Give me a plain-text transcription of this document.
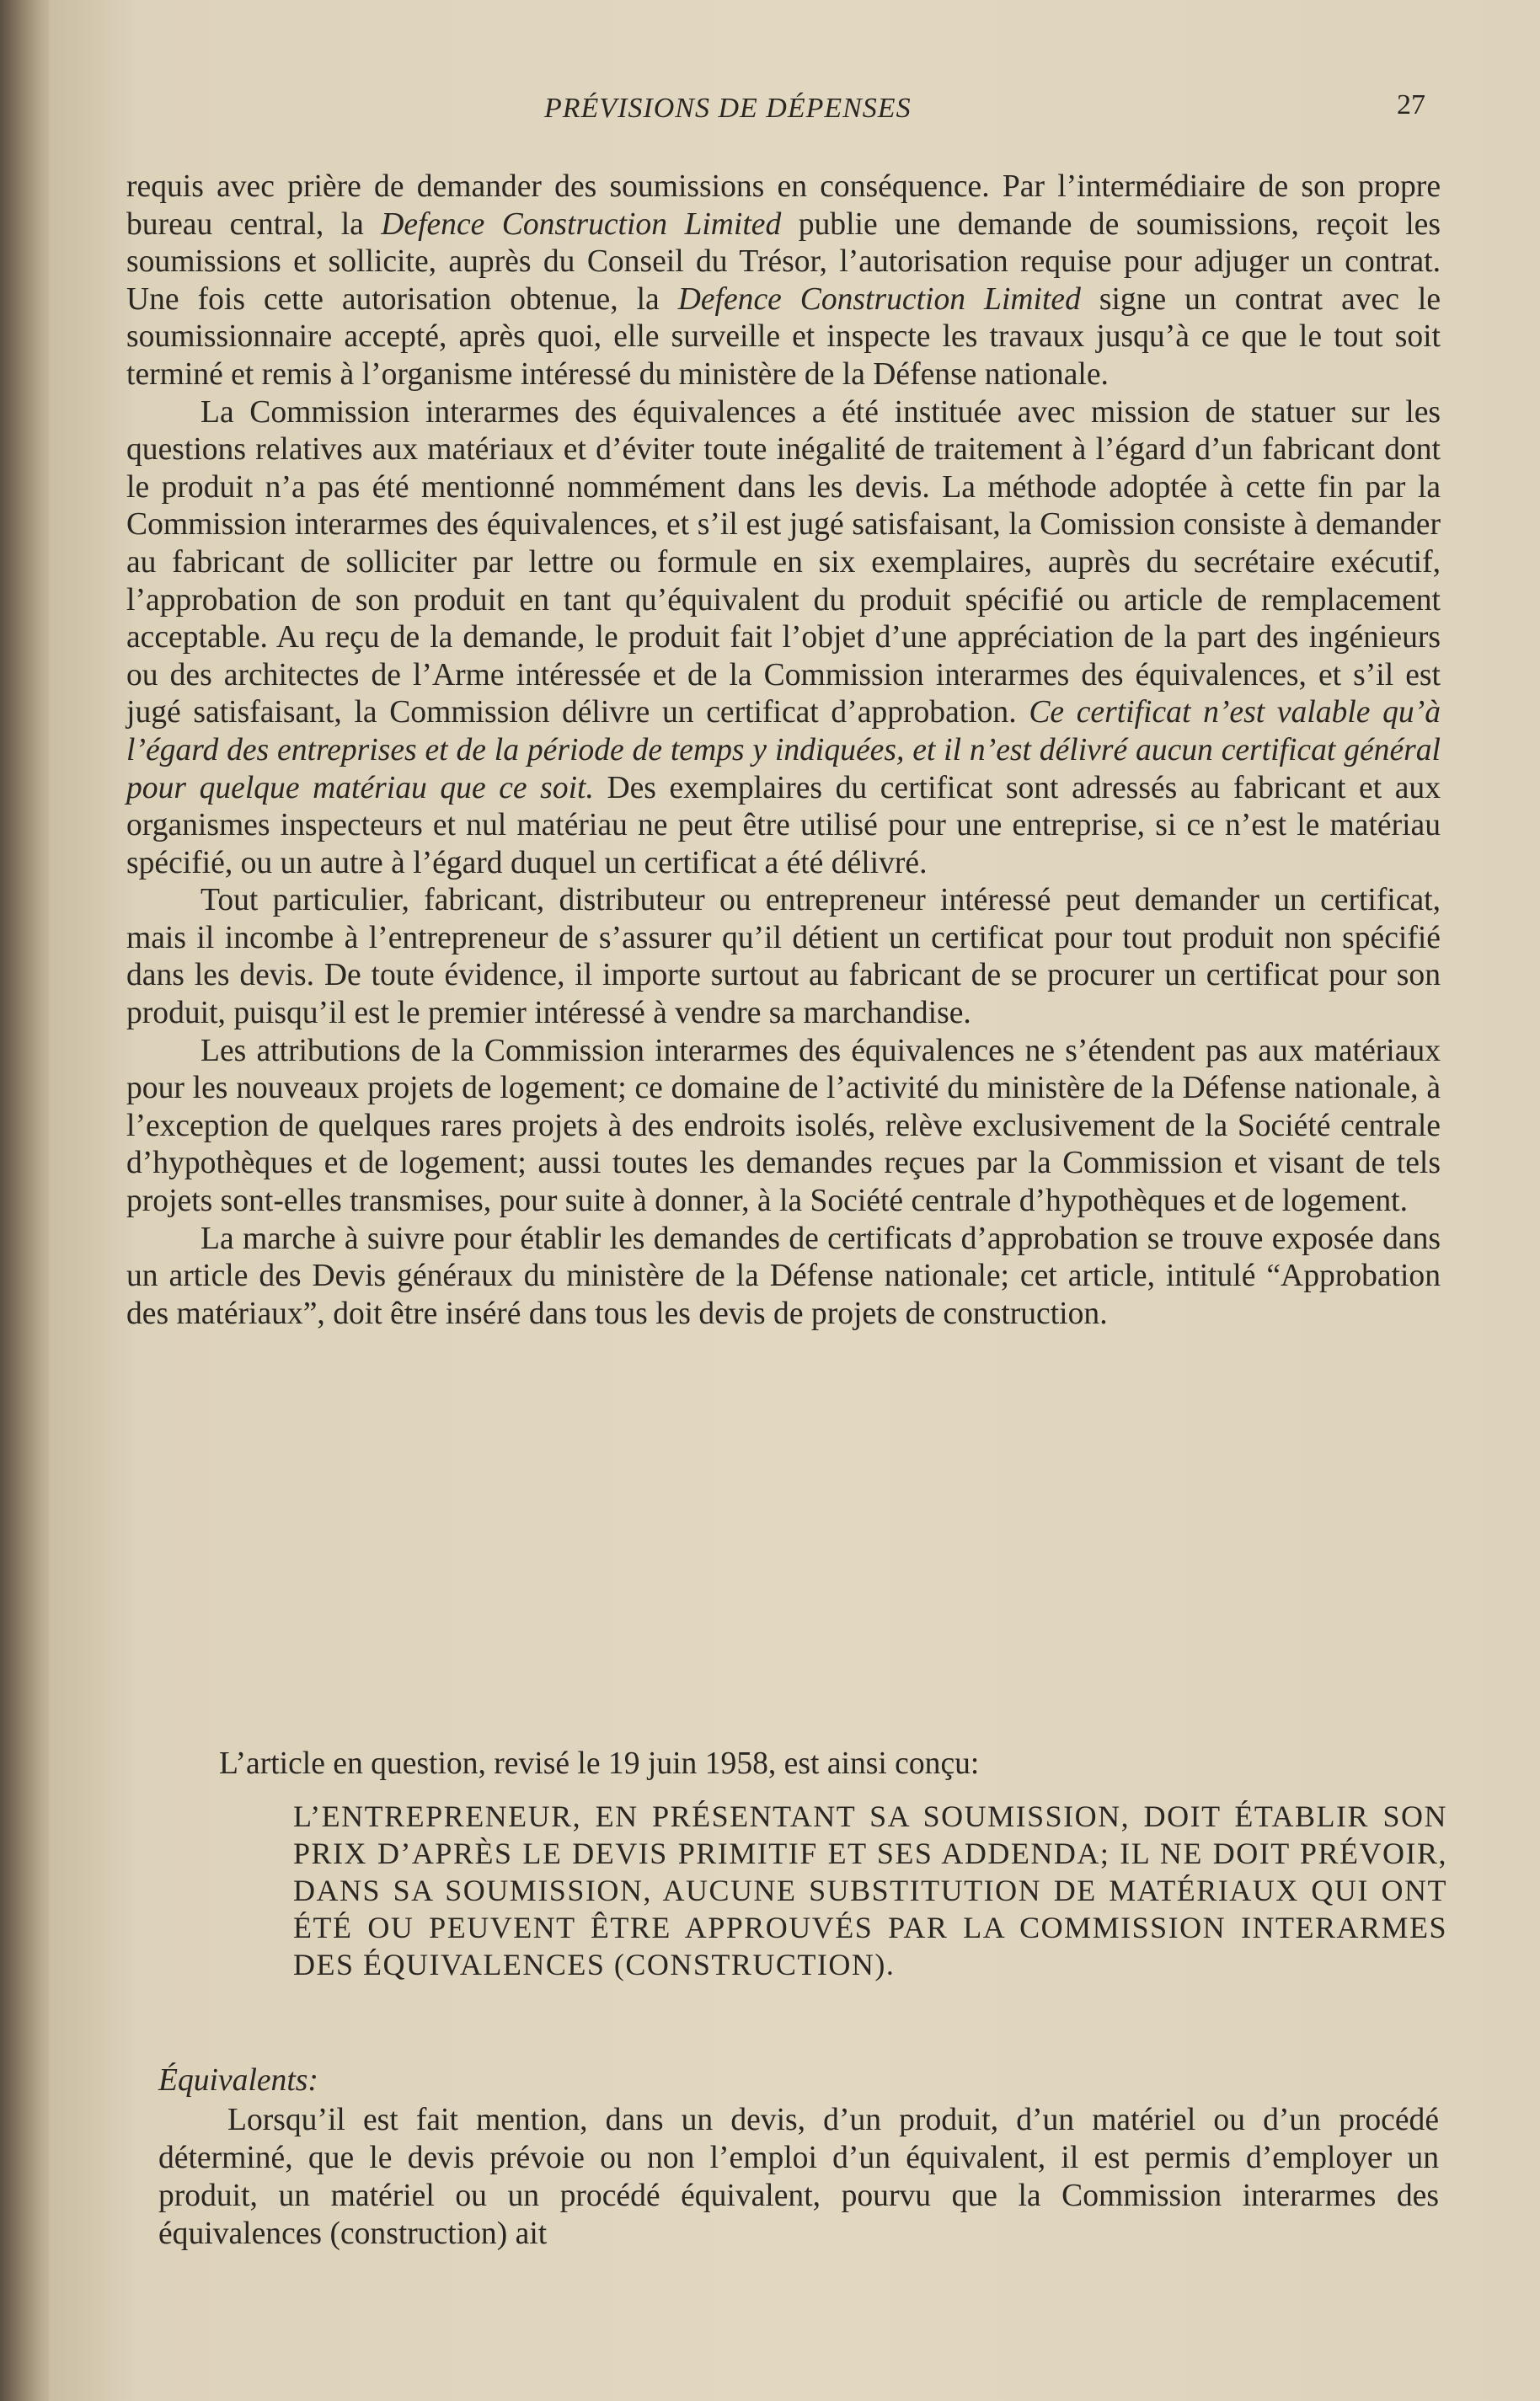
PRÉVISIONS DE DÉPENSES	27

requis avec prière de demander des soumissions en conséquence. Par l’intermédiaire de son propre bureau central, la Defence Construction Limited publie une demande de soumissions, reçoit les soumissions et sollicite, auprès du Conseil du Trésor, l’autorisation requise pour adjuger un contrat. Une fois cette autorisation obtenue, la Defence Construction Limited signe un contrat avec le soumissionnaire accepté, après quoi, elle surveille et inspecte les travaux jusqu’à ce que le tout soit terminé et remis à l’organisme intéressé du ministère de la Défense nationale.

La Commission interarmes des équivalences a été instituée avec mission de statuer sur les questions relatives aux matériaux et d’éviter toute inégalité de traitement à l’égard d’un fabricant dont le produit n’a pas été mentionné nommément dans les devis. La méthode adoptée à cette fin par la Commission interarmes des équivalences, et s’il est jugé satisfaisant, la Comission consiste à demander au fabricant de solliciter par lettre ou formule en six exemplaires, auprès du secrétaire exécutif, l’approbation de son produit en tant qu’équivalent du produit spécifié ou article de remplacement acceptable. Au reçu de la demande, le produit fait l’objet d’une appréciation de la part des ingénieurs ou des architectes de l’Arme intéressée et de la Commission interarmes des équivalences, et s’il est jugé satisfaisant, la Commission délivre un certificat d’approbation. Ce certificat n’est valable qu’à l’égard des entreprises et de la période de temps y indiquées, et il n’est délivré aucun certificat général pour quelque matériau que ce soit. Des exemplaires du certificat sont adressés au fabricant et aux organismes inspecteurs et nul matériau ne peut être utilisé pour une entreprise, si ce n’est le matériau spécifié, ou un autre à l’égard duquel un certificat a été délivré.

Tout particulier, fabricant, distributeur ou entrepreneur intéressé peut demander un certificat, mais il incombe à l’entrepreneur de s’assurer qu’il détient un certificat pour tout produit non spécifié dans les devis. De toute évidence, il importe surtout au fabricant de se procurer un certificat pour son produit, puisqu’il est le premier intéressé à vendre sa marchandise.

Les attributions de la Commission interarmes des équivalences ne s’étendent pas aux matériaux pour les nouveaux projets de logement; ce domaine de l’activité du ministère de la Défense nationale, à l’exception de quelques rares projets à des endroits isolés, relève exclusivement de la Société centrale d’hypothèques et de logement; aussi toutes les demandes reçues par la Commission et visant de tels projets sont-elles transmises, pour suite à donner, à la Société centrale d’hypothèques et de logement.

La marche à suivre pour établir les demandes de certificats d’approbation se trouve exposée dans un article des Devis généraux du ministère de la Défense nationale; cet article, intitulé “Approbation des matériaux”, doit être inséré dans tous les devis de projets de construction.

L’article en question, revisé le 19 juin 1958, est ainsi conçu:
L’ENTREPRENEUR, EN PRÉSENTANT SA SOUMISSION, DOIT ÉTABLIR SON PRIX D’APRÈS LE DEVIS PRIMITIF ET SES ADDENDA; IL NE DOIT PRÉVOIR, DANS SA SOUMISSION, AUCUNE SUBSTITUTION DE MATÉRIAUX QUI ONT ÉTÉ OU PEUVENT ÊTRE APPROUVÉS PAR LA COMMISSION INTERARMES DES ÉQUIVALENCES (CONSTRUCTION).
Équivalents:

Lorsqu’il est fait mention, dans un devis, d’un produit, d’un matériel ou d’un procédé déterminé, que le devis prévoie ou non l’emploi d’un équivalent, il est permis d’employer un produit, un matériel ou un procédé équivalent, pourvu que la Commission interarmes des équivalences (construction) ait
